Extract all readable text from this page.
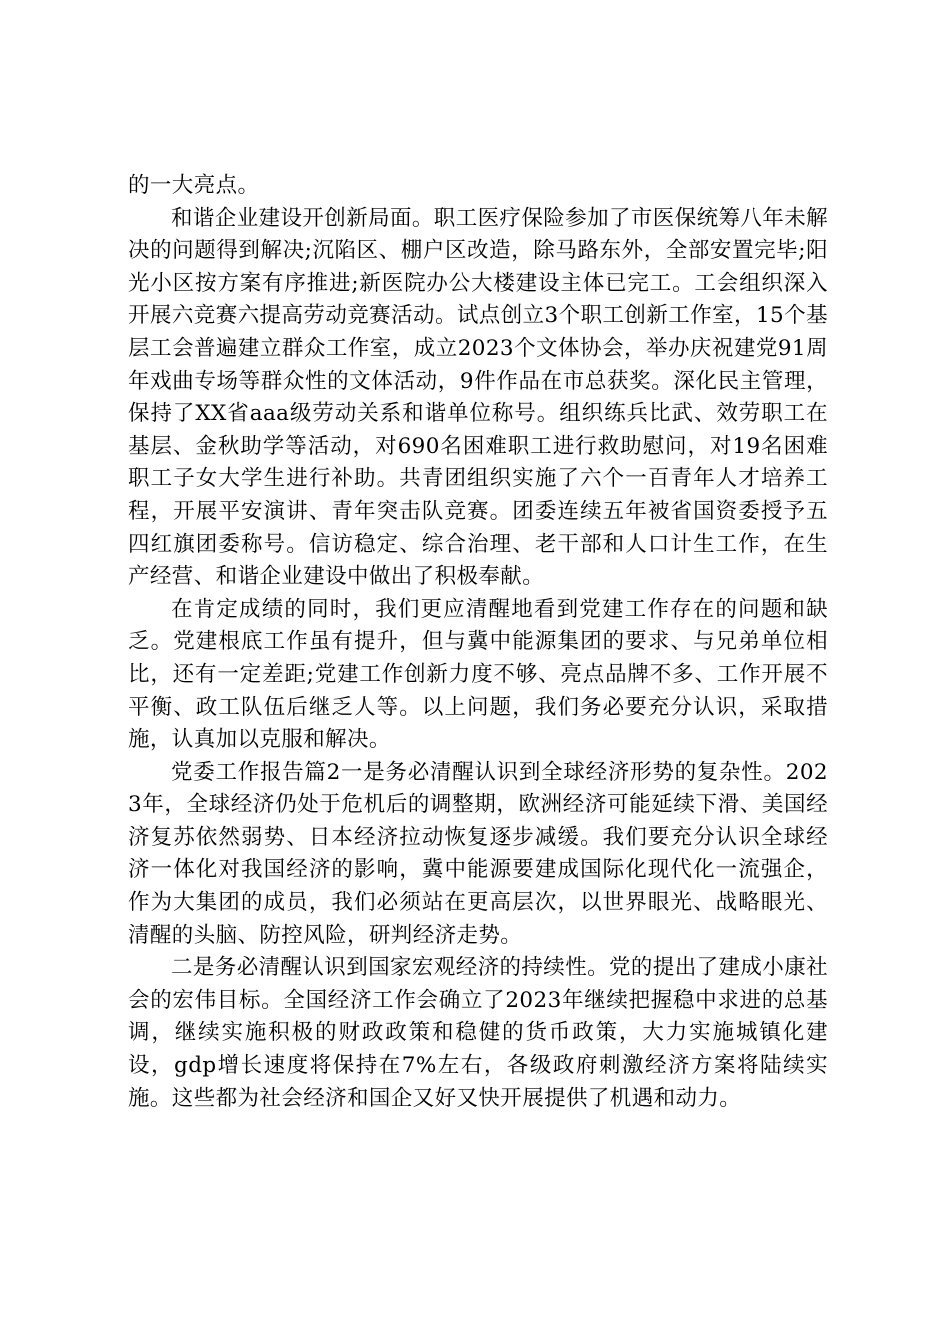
的一大亮点。

和谐企业建设开创新局面。职工医疗保险参加了市医保统筹八年未解决的问题得到解决;沉陷区、棚户区改造，除马路东外，全部安置完毕;阳光小区按方案有序推进;新医院办公大楼建设主体已完工。工会组织深入开展六竞赛六提高劳动竞赛活动。试点创立3个职工创新工作室，15个基层工会普遍建立群众工作室，成立2023个文体协会，举办庆祝建党91周年戏曲专场等群众性的文体活动，9件作品在市总获奖。深化民主管理，保持了XX省aaa级劳动关系和谐单位称号。组织练兵比武、效劳职工在基层、金秋助学等活动，对690名困难职工进行救助慰问，对19名困难职工子女大学生进行补助。共青团组织实施了六个一百青年人才培养工程，开展平安演讲、青年突击队竞赛。团委连续五年被省国资委授予五四红旗团委称号。信访稳定、综合治理、老干部和人口计生工作，在生产经营、和谐企业建设中做出了积极奉献。

在肯定成绩的同时，我们更应清醒地看到党建工作存在的问题和缺乏。党建根底工作虽有提升，但与冀中能源集团的要求、与兄弟单位相比，还有一定差距;党建工作创新力度不够、亮点品牌不多、工作开展不平衡、政工队伍后继乏人等。以上问题，我们务必要充分认识，采取措施，认真加以克服和解决。

党委工作报告篇2一是务必清醒认识到全球经济形势的复杂性。2023年，全球经济仍处于危机后的调整期，欧洲经济可能延续下滑、美国经济复苏依然弱势、日本经济拉动恢复逐步减缓。我们要充分认识全球经济一体化对我国经济的影响，冀中能源要建成国际化现代化一流强企，作为大集团的成员，我们必须站在更高层次，以世界眼光、战略眼光、清醒的头脑、防控风险，研判经济走势。

二是务必清醒认识到国家宏观经济的持续性。党的提出了建成小康社会的宏伟目标。全国经济工作会确立了2023年继续把握稳中求进的总基调，继续实施积极的财政政策和稳健的货币政策，大力实施城镇化建设，gdp增长速度将保持在7%左右，各级政府刺激经济方案将陆续实施。这些都为社会经济和国企又好又快开展提供了机遇和动力。
